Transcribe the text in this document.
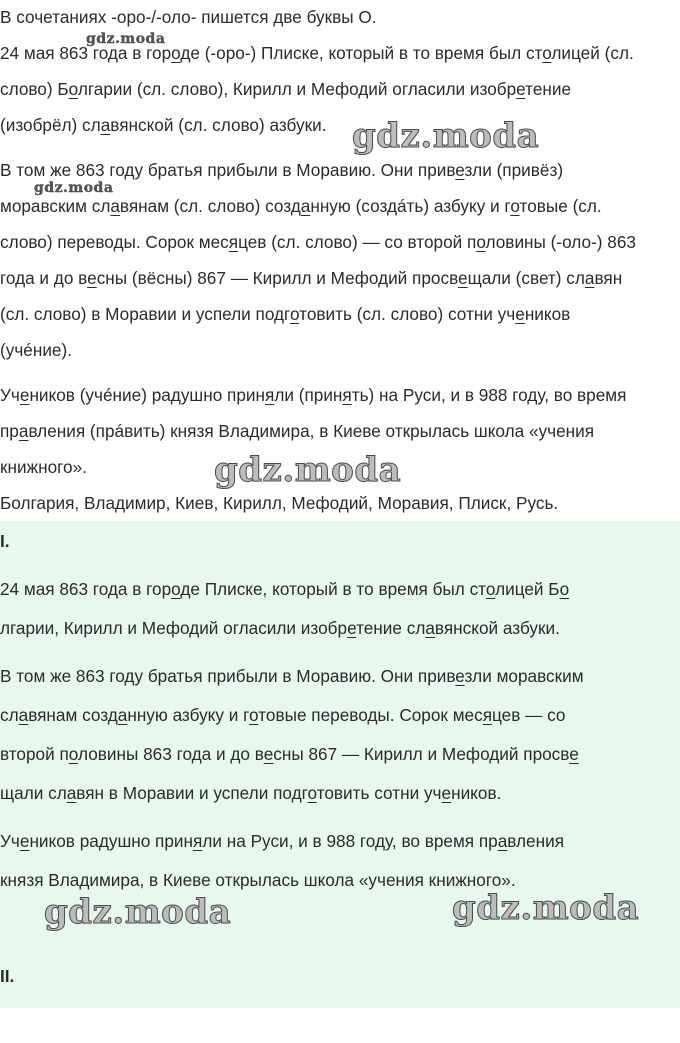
В сочетаниях -оро-/-оло- пишется две буквы О.
24 мая 863 года в городе (-оро-) Плиске, который в то время был столицей (сл.
слово) Болгарии (сл. слово), Кирилл и Мефодий огласили изобретение
(изобрёл) славянской (сл. слово) азбуки.
В том же 863 году братья прибыли в Моравию. Они привезли (привёз)
моравским славянам (сл. слово) созданную (создáть) азбуку и готовые (сл.
слово) переводы. Сорок месяцев (сл. слово) — со второй половины (-оло-) 863
года и до весны (вёсны) 867 — Кирилл и Мефодий просвещали (свет) славян
(сл. слово) в Моравии и успели подготовить (сл. слово) сотни учеников
(учéние).
Учеников (учéние) радушно приняли (принять) на Руси, и в 988 году, во время
правления (прáвить) князя Владимира, в Киеве открылась школа «учения
книжного».
Болгария, Владимир, Киев, Кирилл, Мефодий, Моравия, Плиск, Русь.
I.
24 мая 863 года в городе Плиске, который в то время был столицей Бо
лгарии, Кирилл и Мефодий огласили изобретение славянской азбуки.
В том же 863 году братья прибыли в Моравию. Они привезли моравским
славянам созданную азбуку и готовые переводы. Сорок месяцев — со
второй половины 863 года и до весны 867 — Кирилл и Мефодий просве
щали славян в Моравии и успели подготовить сотни учеников.
Учеников радушно приняли на Руси, и в 988 году, во время правления
князя Владимира, в Киеве открылась школа «учения книжного».
II.
gdz.moda
gdz.moda
gdz.moda
gdz.moda
gdz.moda	gdz.moda
